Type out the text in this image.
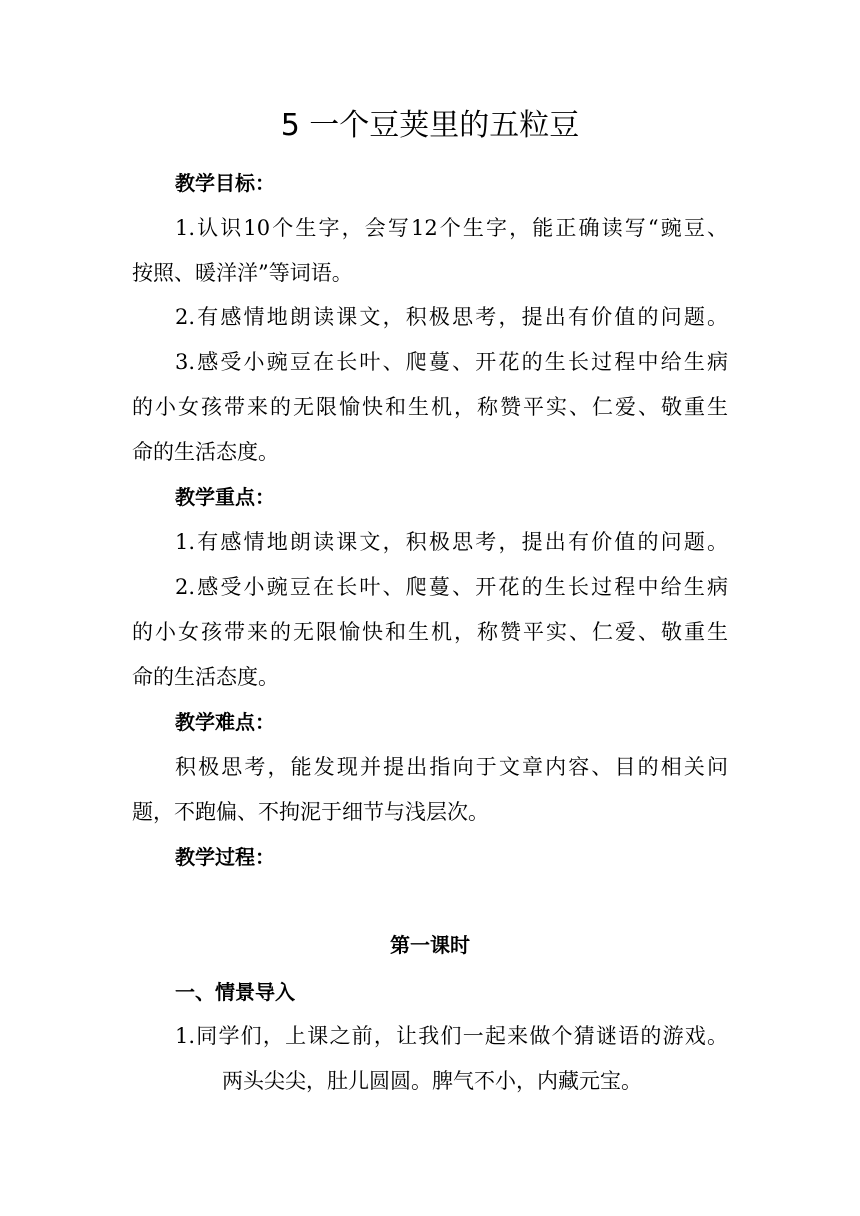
5 一个豆荚里的五粒豆
教学目标：
1.认识10个生字，会写12个生字，能正确读写“豌豆、
按照、暖洋洋”等词语。
2.有感情地朗读课文，积极思考，提出有价值的问题。
3.感受小豌豆在长叶、爬蔓、开花的生长过程中给生病
的小女孩带来的无限愉快和生机，称赞平实、仁爱、敬重生
命的生活态度。
教学重点：
1.有感情地朗读课文，积极思考，提出有价值的问题。
2.感受小豌豆在长叶、爬蔓、开花的生长过程中给生病
的小女孩带来的无限愉快和生机，称赞平实、仁爱、敬重生
命的生活态度。
教学难点：
积极思考，能发现并提出指向于文章内容、目的相关问
题，不跑偏、不拘泥于细节与浅层次。
教学过程：
第一课时
一、情景导入
1.同学们，上课之前，让我们一起来做个猜谜语的游戏。
两头尖尖，肚儿圆圆。脾气不小，内藏元宝。
